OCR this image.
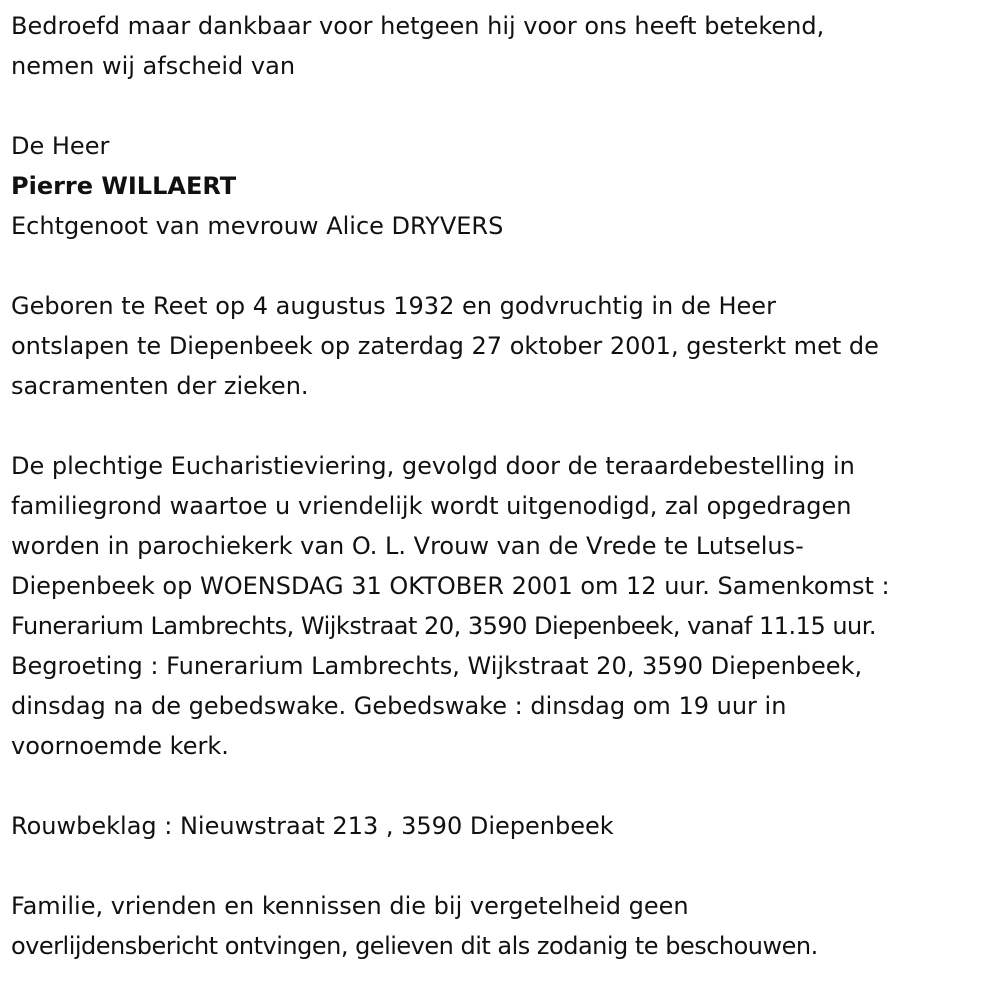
Bedroefd maar dankbaar voor hetgeen hij voor ons heeft betekend,
nemen wij afscheid van
De Heer
Pierre WILLAERT
Echtgenoot van mevrouw Alice DRYVERS
Geboren te Reet op 4 augustus 1932 en godvruchtig in de Heer
ontslapen te Diepenbeek op zaterdag 27 oktober 2001, gesterkt met de
sacramenten der zieken.
De plechtige Eucharistieviering, gevolgd door de teraardebestelling in
familiegrond waartoe u vriendelijk wordt uitgenodigd, zal opgedragen
worden in parochiekerk van O. L. Vrouw van de Vrede te Lutselus-
Diepenbeek op WOENSDAG 31 OKTOBER 2001 om 12 uur. Samenkomst :
Funerarium Lambrechts, Wijkstraat 20, 3590 Diepenbeek, vanaf 11.15 uur.
Begroeting : Funerarium Lambrechts, Wijkstraat 20, 3590 Diepenbeek,
dinsdag na de gebedswake. Gebedswake : dinsdag om 19 uur in
voornoemde kerk.
Rouwbeklag : Nieuwstraat 213 , 3590 Diepenbeek
Familie, vrienden en kennissen die bij vergetelheid geen
overlijdensbericht ontvingen, gelieven dit als zodanig te beschouwen.
